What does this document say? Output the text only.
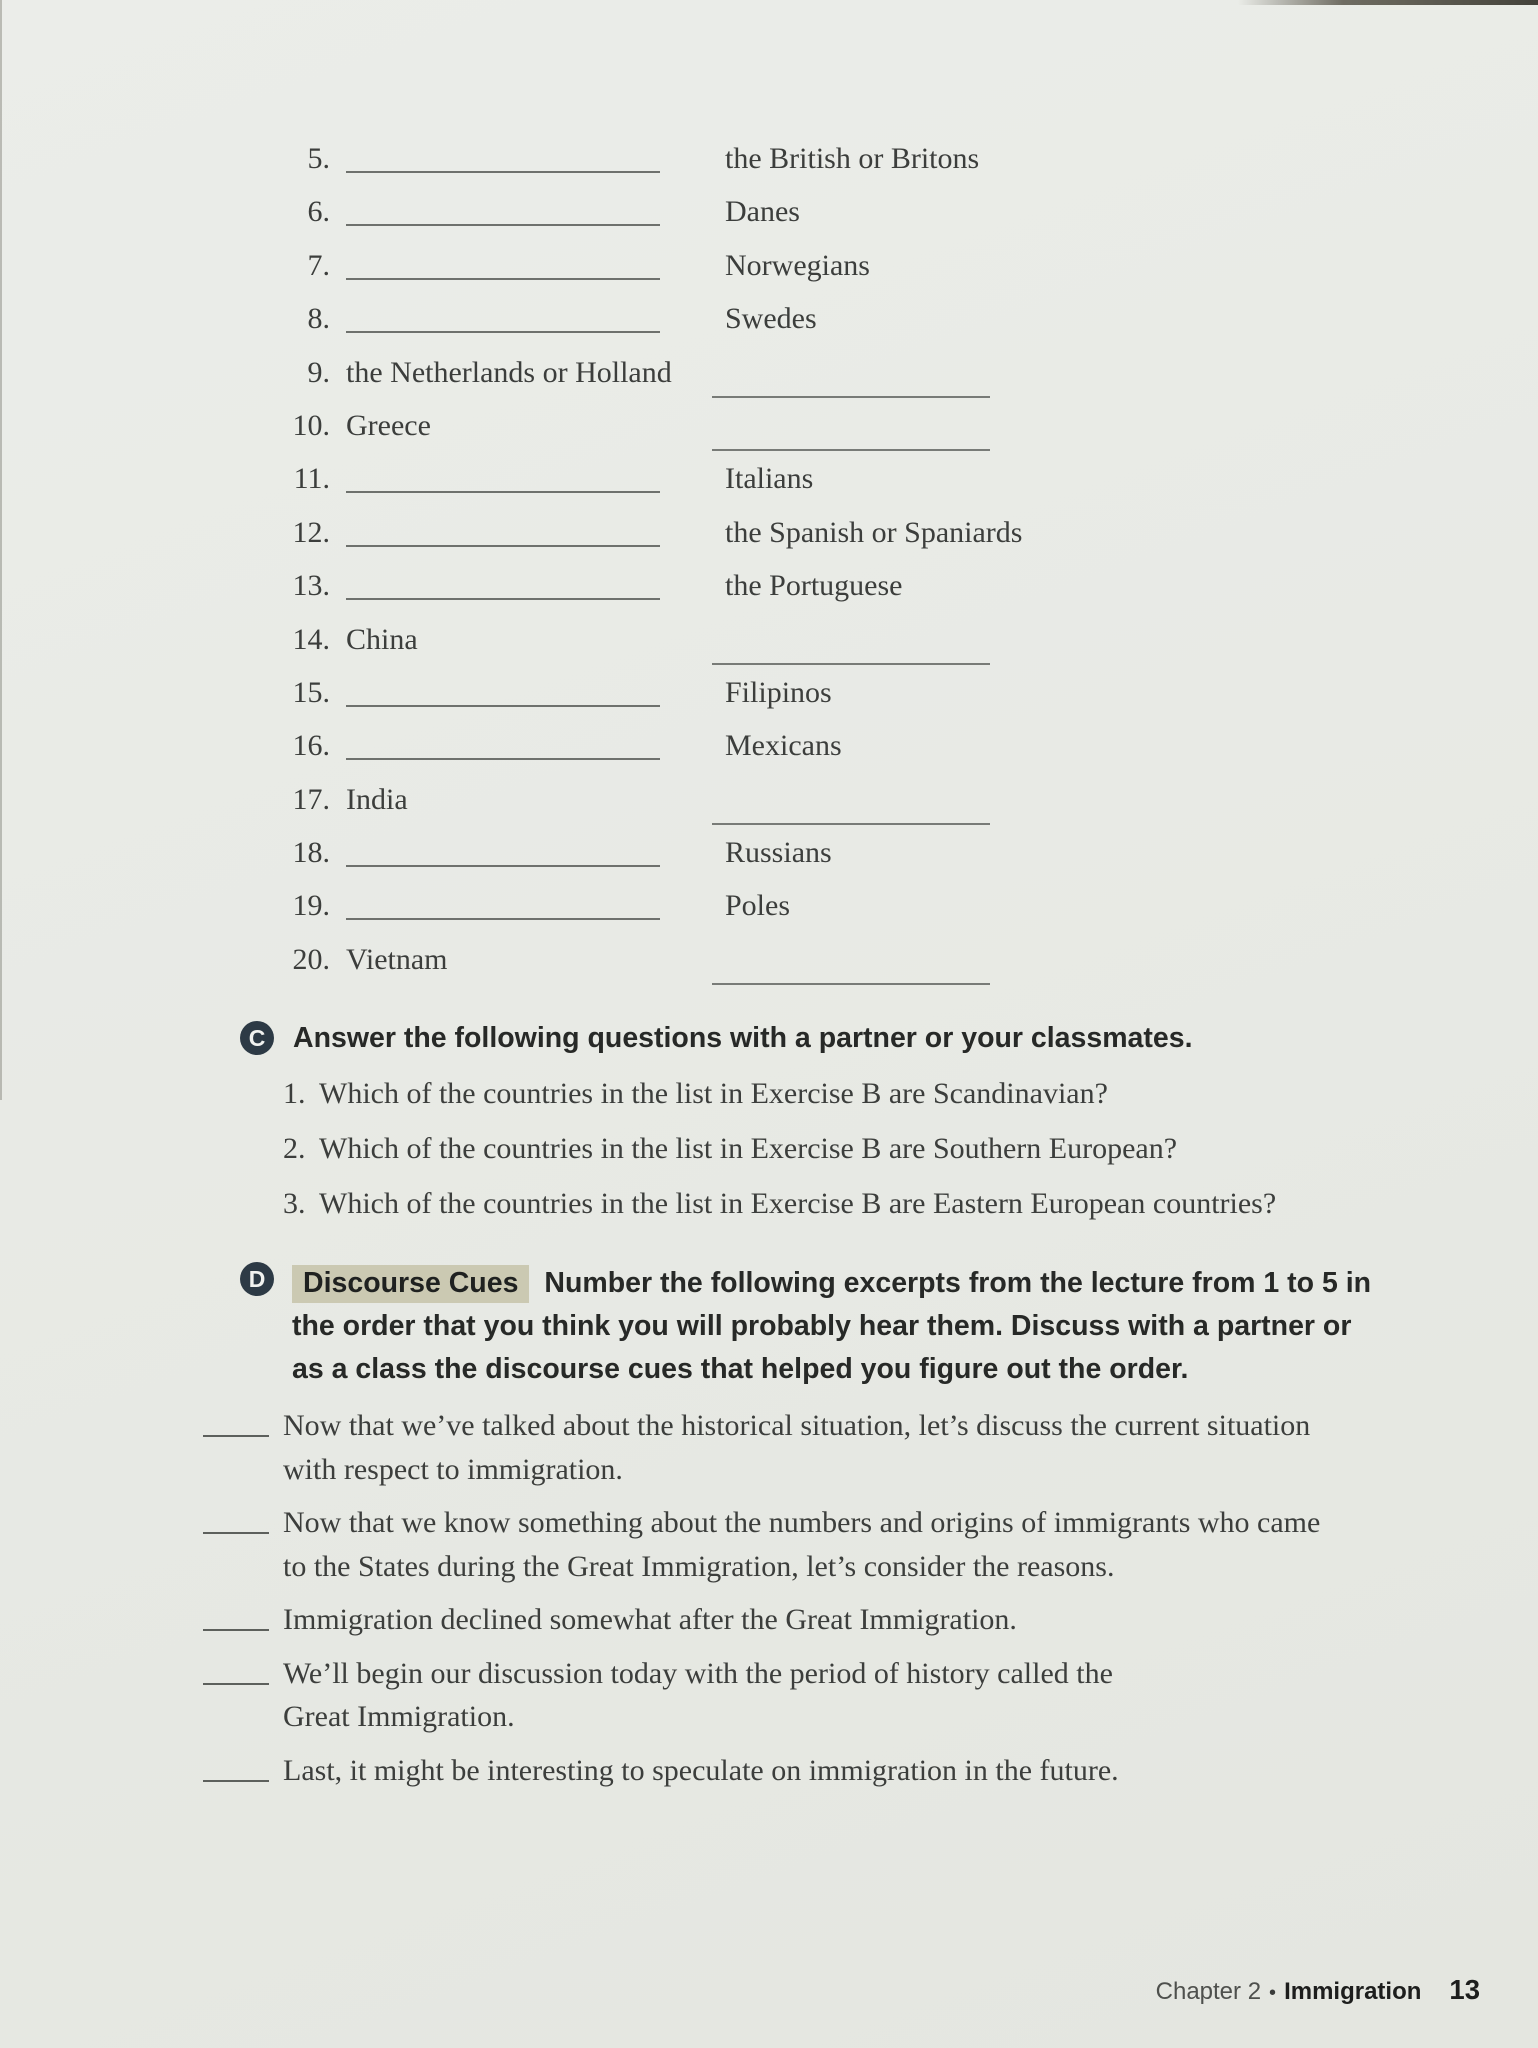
5.	the British or Britons
6.	Danes
7.	Norwegians
8.	Swedes
9. the Netherlands or Holland
10. Greece
11.	Italians
12.	the Spanish or Spaniards
13.	the Portuguese
14. China
15.	Filipinos
16.	Mexicans
17. India
18.	Russians
19.	Poles
20. Vietnam
C Answer the following questions with a partner or your classmates.
1. Which of the countries in the list in Exercise B are Scandinavian?
2. Which of the countries in the list in Exercise B are Southern European?
3. Which of the countries in the list in Exercise B are Eastern European countries?
D	Discourse Cues Number the following excerpts from the lecture from 1 to 5 in
the order that you think you will probably hear them. Discuss with a partner or
as a class the discourse cues that helped you figure out the order.
Now that we’ve talked about the historical situation, let’s discuss the current situation
with respect to immigration.
Now that we know something about the numbers and origins of immigrants who came
to the States during the Great Immigration, let’s consider the reasons.
Immigration declined somewhat after the Great Immigration.
We’ll begin our discussion today with the period of history called the
Great Immigration.
Last, it might be interesting to speculate on immigration in the future.
Chapter 2 • Immigration 13
